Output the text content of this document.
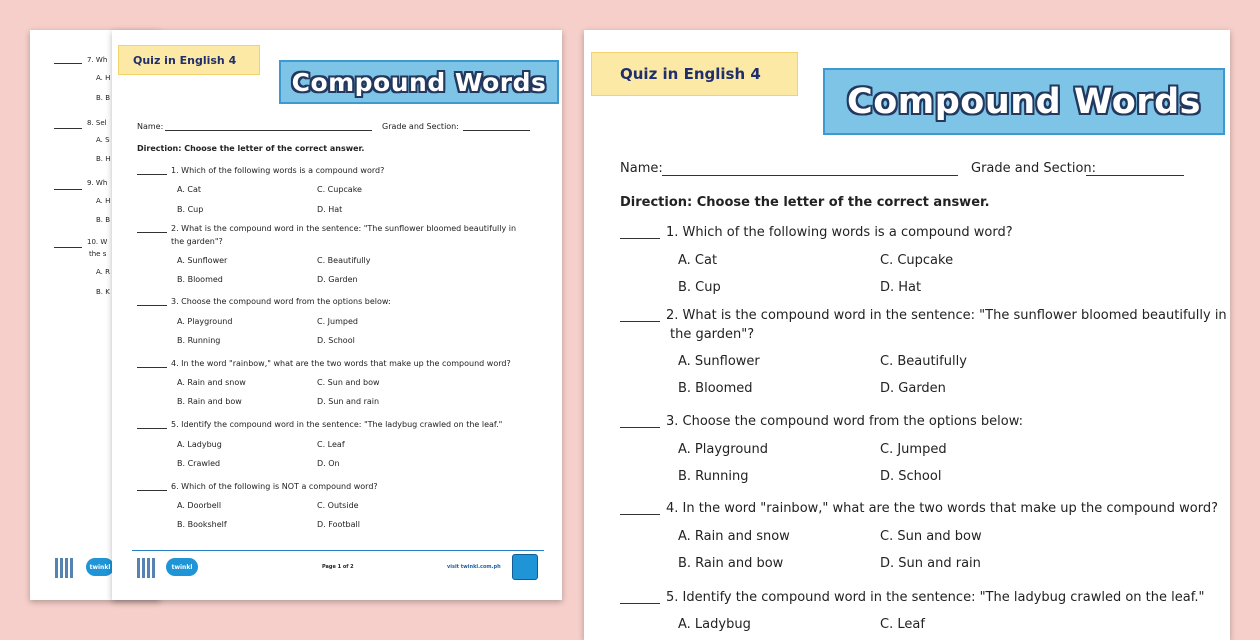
7. Wh
A. H
B. B
8. Sel
A. S
B. H
9. Wh
A. H
B. B
10. W
the s
A. R
B. K
twinkl
Quiz in English 4
Compound Words
Name:	Grade and Section:
Direction: Choose the letter of the correct answer.
1. Which of the following words is a compound word?
A. Cat	C. Cupcake
B. Cup	D. Hat
2. What is the compound word in the sentence: "The sunflower bloomed beautifully in
the garden"?
A. Sunflower	C. Beautifully
B. Bloomed	D. Garden
3. Choose the compound word from the options below:
A. Playground	C. Jumped
B. Running	D. School
4. In the word "rainbow," what are the two words that make up the compound word?
A. Rain and snow	C. Sun and bow
B. Rain and bow	D. Sun and rain
5. Identify the compound word in the sentence: "The ladybug crawled on the leaf."
A. Ladybug	C. Leaf
B. Crawled	D. On
6. Which of the following is NOT a compound word?
A. Doorbell	C. Outside
B. Bookshelf	D. Football
twinkl	Page 1 of 2	visit twinkl.com.ph
Quiz in English 4
Compound Words
Name:	Grade and Section:
Direction: Choose the letter of the correct answer.
1. Which of the following words is a compound word?
A. Cat	C. Cupcake
B. Cup	D. Hat
2. What is the compound word in the sentence: "The sunflower bloomed beautifully in
the garden"?
A. Sunflower	C. Beautifully
B. Bloomed	D. Garden
3. Choose the compound word from the options below:
A. Playground	C. Jumped
B. Running	D. School
4. In the word "rainbow," what are the two words that make up the compound word?
A. Rain and snow	C. Sun and bow
B. Rain and bow	D. Sun and rain
5. Identify the compound word in the sentence: "The ladybug crawled on the leaf."
A. Ladybug	C. Leaf
